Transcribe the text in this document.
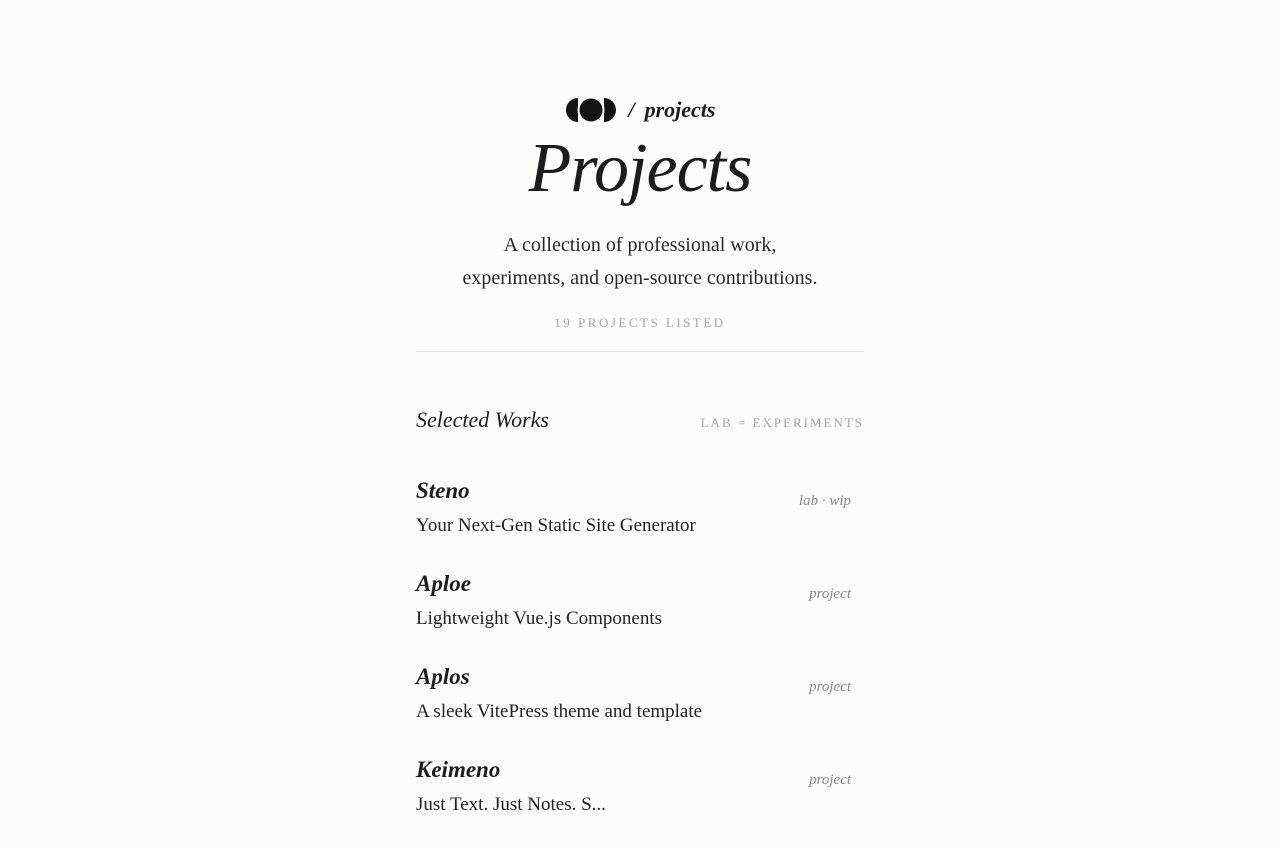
/ projects
Projects

A collection of professional work,
experiments, and open-source contributions.

19 PROJECTS LISTED
Selected Works	LAB = EXPERIMENTS
Steno
Your Next-Gen Static Site Generator
lab · wip
Aploe
Lightweight Vue.js Components
project
Aplos
A sleek VitePress theme and template
project
Keimeno
Just Text. Just Notes. S...
project
